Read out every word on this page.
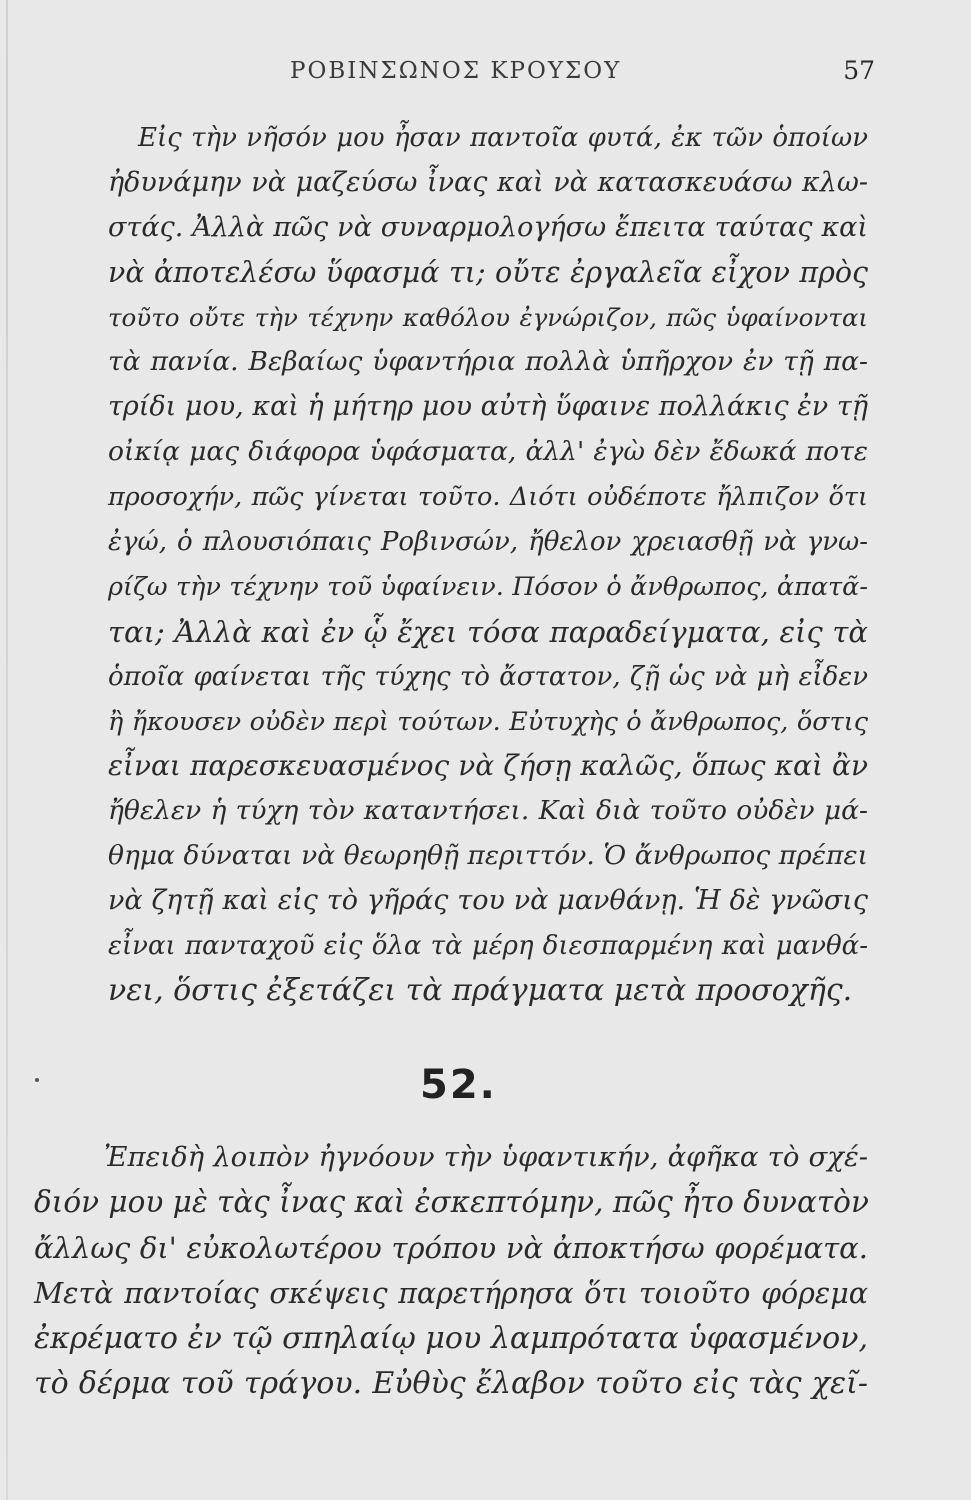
ΡΟΒΙΝΣΩΝΟΣ ΚΡΟΥΣΟΥ	57
Εἰς τὴν νῆσόν μου ἦσαν παντοῖα φυτά, ἐκ τῶν ὁποίων
ἠδυνάμην νὰ μαζεύσω ἶνας καὶ νὰ κατασκευάσω κλω-
στάς. Ἀλλὰ πῶς νὰ συναρμολογήσω ἔπειτα ταύτας καὶ
νὰ ἀποτελέσω ὕφασμά τι; οὔτε ἐργαλεῖα εἶχον πρὸς
τοῦτο οὔτε τὴν τέχνην καθόλου ἐγνώριζον, πῶς ὑφαίνονται
τὰ πανία. Βεβαίως ὑφαντήρια πολλὰ ὑπῆρχον ἐν τῇ πα-
τρίδι μου, καὶ ἡ μήτηρ μου αὐτὴ ὕφαινε πολλάκις ἐν τῇ
οἰκίᾳ μας διάφορα ὑφάσματα, ἀλλ' ἐγὼ δὲν ἔδωκά ποτε
προσοχήν, πῶς γίνεται τοῦτο. Διότι οὐδέποτε ἤλπιζον ὅτι
ἐγώ, ὁ πλουσιόπαις Ροβινσών, ἤθελον χρειασθῇ νὰ γνω-
ρίζω τὴν τέχνην τοῦ ὑφαίνειν. Πόσον ὁ ἄνθρωπος, ἀπατᾶ-
ται; Ἀλλὰ καὶ ἐν ᾧ ἔχει τόσα παραδείγματα, εἰς τὰ
ὁποῖα φαίνεται τῆς τύχης τὸ ἄστατον, ζῇ ὡς νὰ μὴ εἶδεν
ἢ ἤκουσεν οὐδὲν περὶ τούτων. Εὐτυχὴς ὁ ἄνθρωπος, ὅστις
εἶναι παρεσκευασμένος νὰ ζήσῃ καλῶς, ὅπως καὶ ἂν
ἤθελεν ἡ τύχη τὸν καταντήσει. Καὶ διὰ τοῦτο οὐδὲν μά-
θημα δύναται νὰ θεωρηθῇ περιττόν. Ὁ ἄνθρωπος πρέπει
νὰ ζητῇ καὶ εἰς τὸ γῆράς του νὰ μανθάνῃ. Ἡ δὲ γνῶσις
εἶναι πανταχοῦ εἰς ὅλα τὰ μέρη διεσπαρμένη καὶ μανθά-
νει, ὅστις ἐξετάζει τὰ πράγματα μετὰ προσοχῆς.
52.
Ἐπειδὴ λοιπὸν ἠγνόουν τὴν ὑφαντικήν, ἀφῆκα τὸ σχέ-
διόν μου μὲ τὰς ἶνας καὶ ἐσκεπτόμην, πῶς ἦτο δυνατὸν
ἄλλως δι' εὐκολωτέρου τρόπου νὰ ἀποκτήσω φορέματα.
Μετὰ παντοίας σκέψεις παρετήρησα ὅτι τοιοῦτο φόρεμα
ἐκρέματο ἐν τῷ σπηλαίῳ μου λαμπρότατα ὑφασμένον,
τὸ δέρμα τοῦ τράγου. Εὐθὺς ἔλαβον τοῦτο εἰς τὰς χεῖ-
